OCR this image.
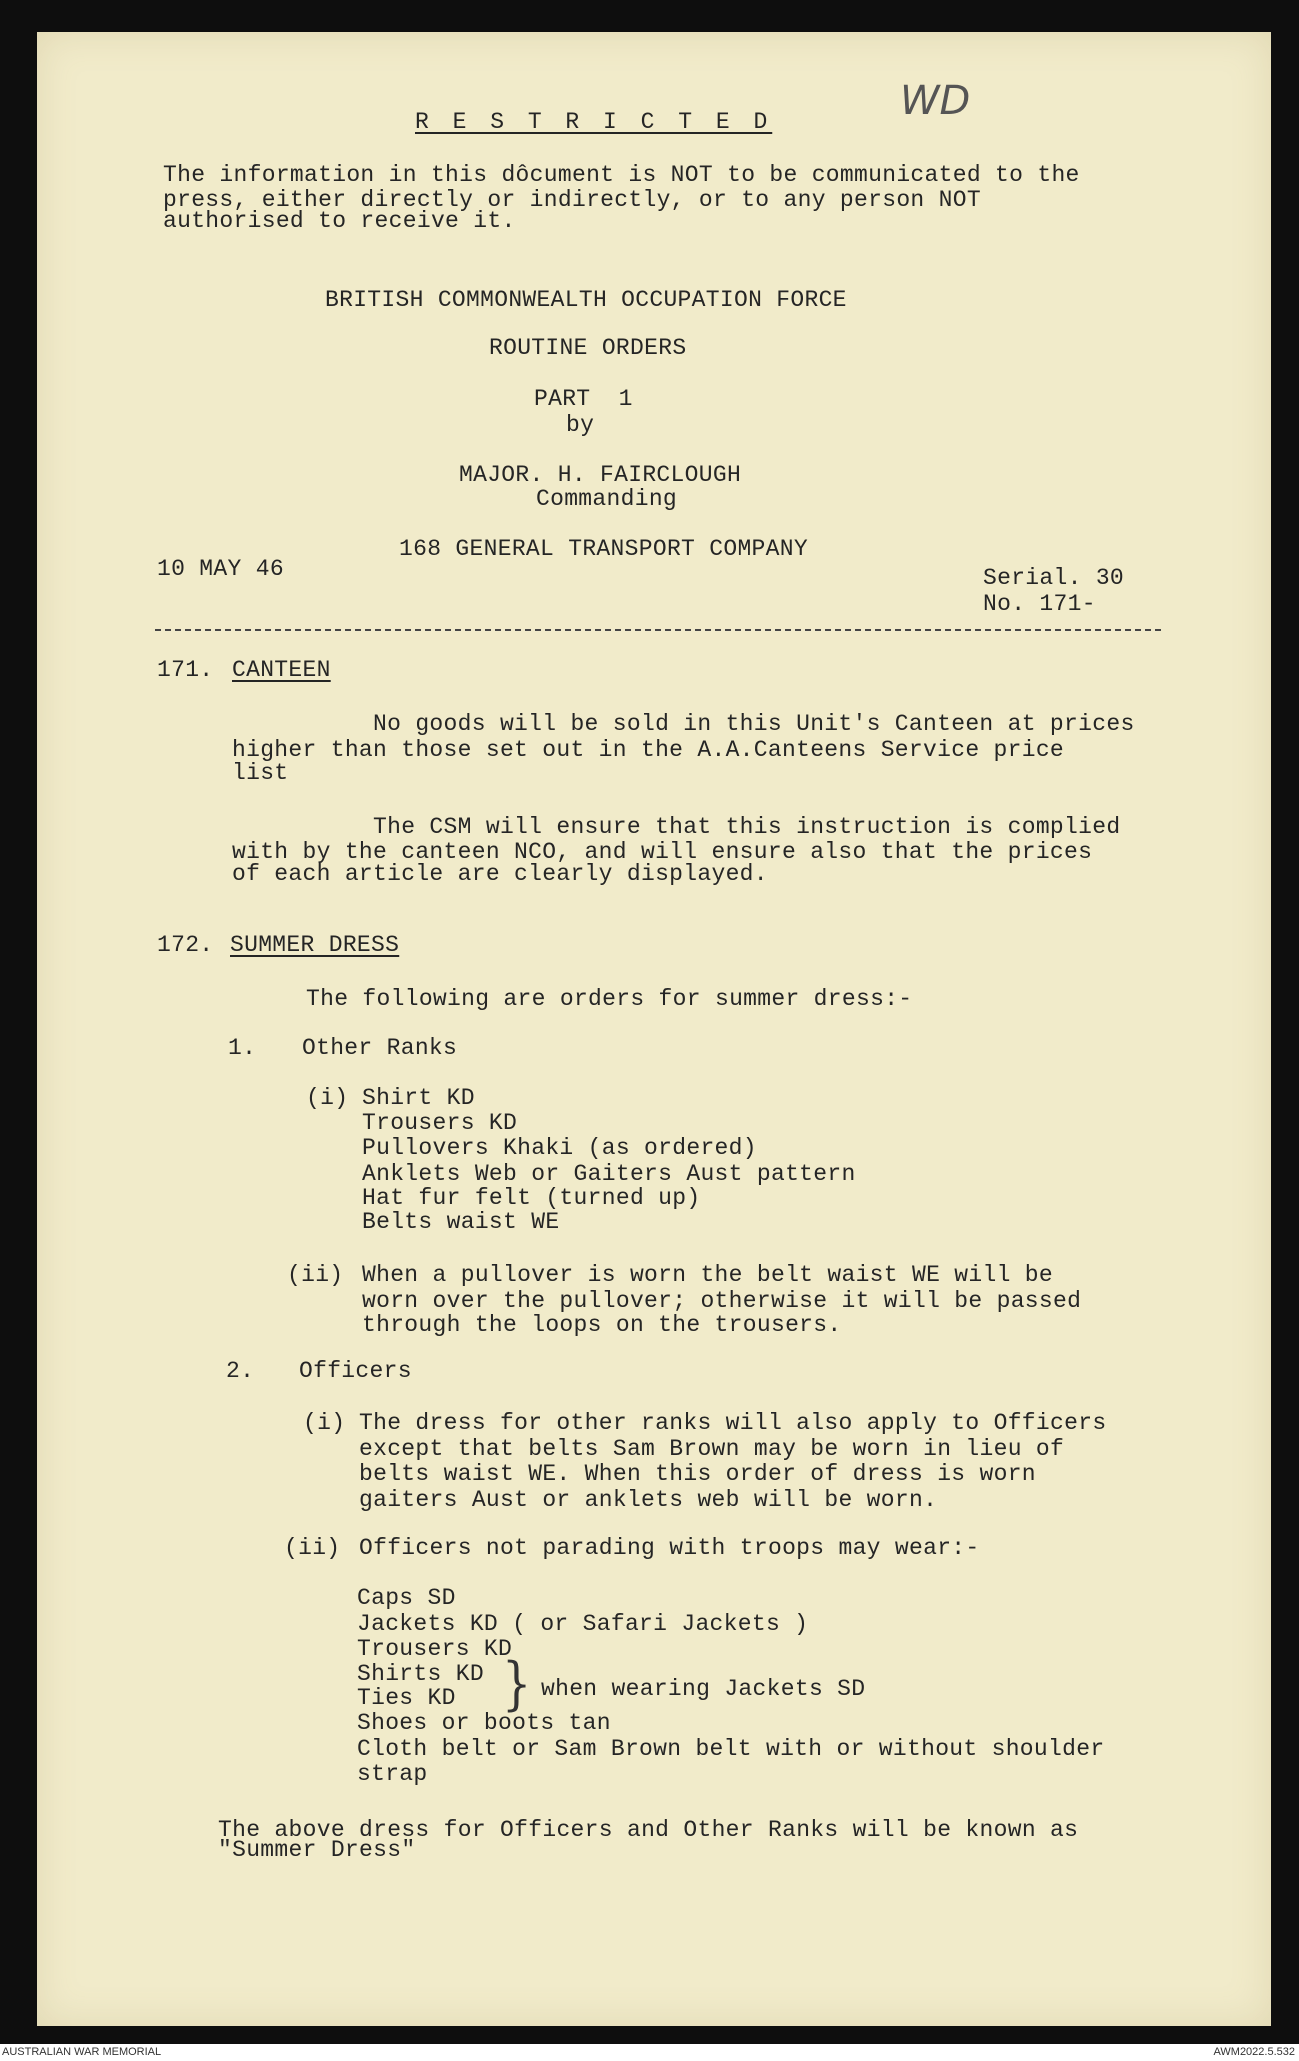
R E S T R I C T E D	WD
The information in this dôcument is NOT to be communicated to the
press, either directly or indirectly, or to any person NOT
authorised to receive it.
BRITISH COMMONWEALTH OCCUPATION FORCE
ROUTINE ORDERS
PART  1
by
MAJOR. H. FAIRCLOUGH
Commanding
168 GENERAL TRANSPORT COMPANY
10 MAY 46	Serial. 30
No. 171-
171. CANTEEN
No goods will be sold in this Unit's Canteen at prices
higher than those set out in the A.A.Canteens Service price
list
The CSM will ensure that this instruction is complied
with by the canteen NCO, and will ensure also that the prices
of each article are clearly displayed.
172. SUMMER DRESS
The following are orders for summer dress:-
1. Other Ranks
(i) Shirt KD
Trousers KD
Pullovers Khaki (as ordered)
Anklets Web or Gaiters Aust pattern
Hat fur felt (turned up)
Belts waist WE
(ii) When a pullover is worn the belt waist WE will be
worn over the pullover; otherwise it will be passed
through the loops on the trousers.
2. Officers
(i) The dress for other ranks will also apply to Officers
except that belts Sam Brown may be worn in lieu of
belts waist WE. When this order of dress is worn
gaiters Aust or anklets web will be worn.
(ii) Officers not parading with troops may wear:-
Caps SD
Jackets KD ( or Safari Jackets )
Trousers KD
Shirts KD
Ties KD } when wearing Jackets SD
Shoes or boots tan
Cloth belt or Sam Brown belt with or without shoulder
strap
The above dress for Officers and Other Ranks will be known as
"Summer Dress"
AUSTRALIAN WAR MEMORIAL	AWM2022.5.532
